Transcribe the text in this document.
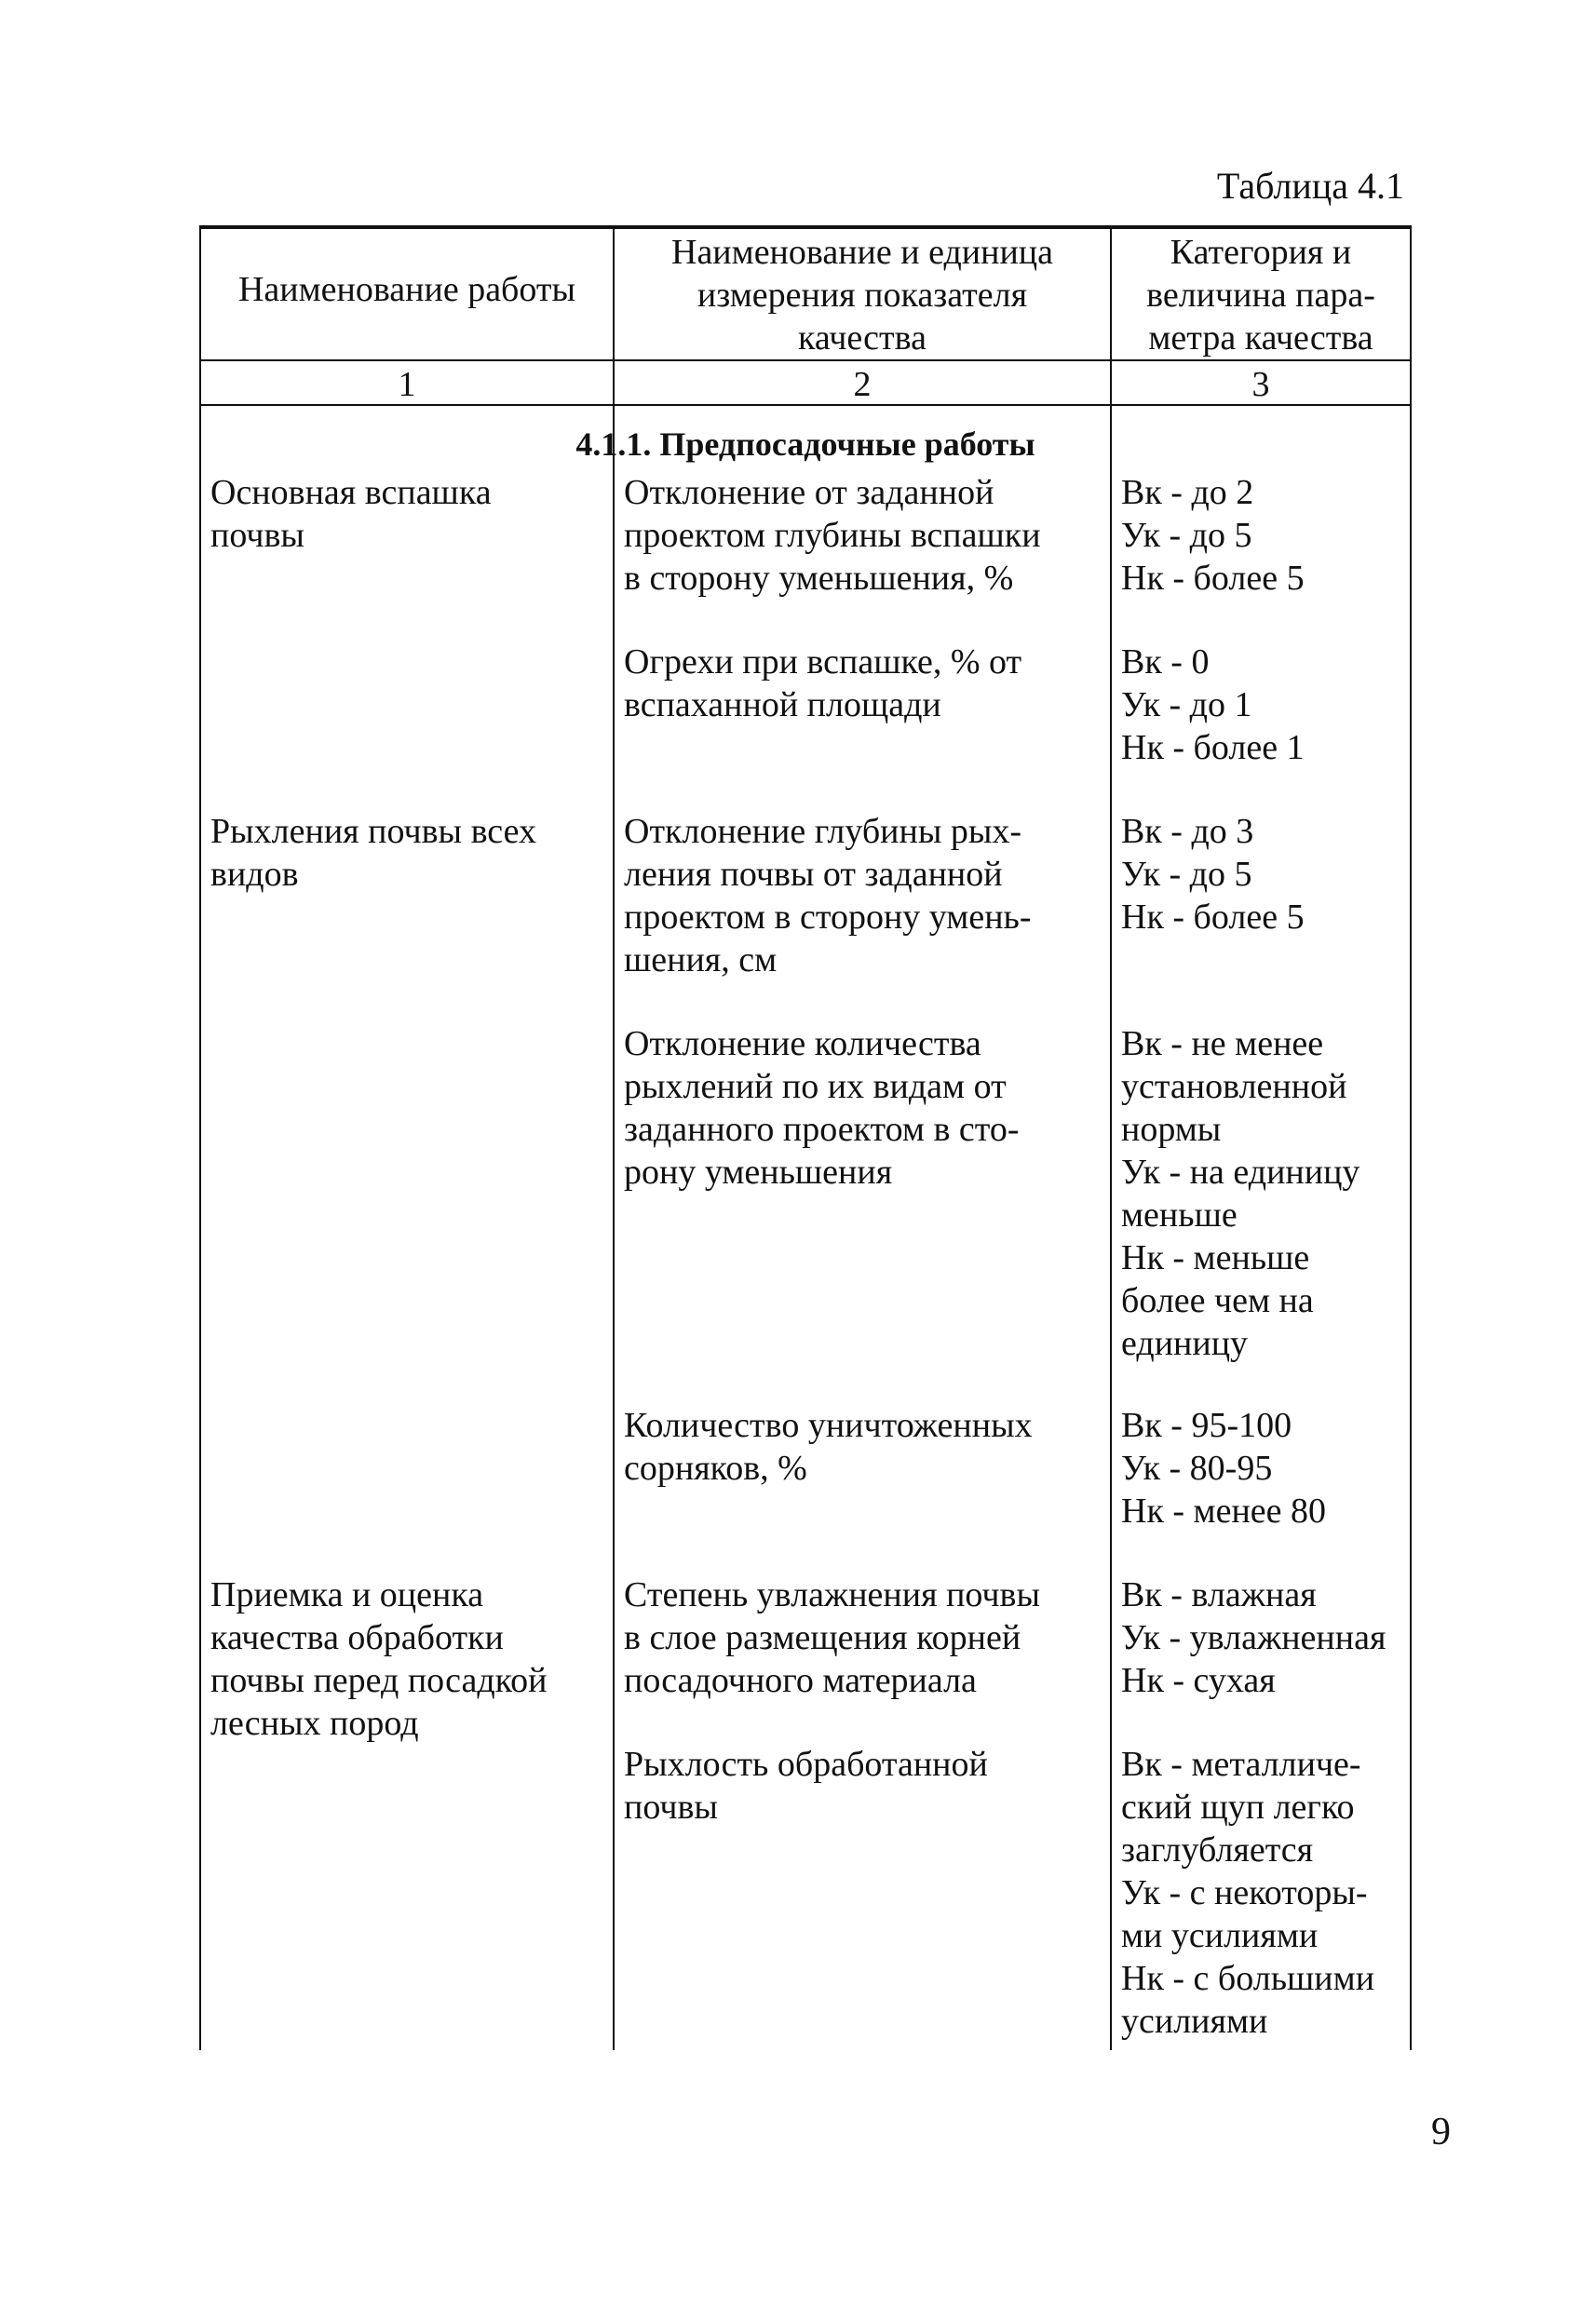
Таблица 4.1
Наименование работы
Наименование и единица
измерения показателя
качества
Категория и
величина пара-
метра качества
1	2	3
4.1.1. Предпосадочные работы
Основная вспашка
почвы
Отклонение от заданной
проектом глубины вспашки
в сторону уменьшения, %
Вк - до 2
Ук - до 5
Нк - более 5
Огрехи при вспашке, % от
вспаханной площади
Вк - 0
Ук - до 1
Нк - более 1
Рыхления почвы всех
видов
Отклонение глубины рых-
ления почвы от заданной
проектом в сторону умень-
шения, см
Вк - до 3
Ук - до 5
Нк - более 5
Отклонение количества
рыхлений по их видам от
заданного проектом в сто-
рону уменьшения
Вк - не менее
установленной
нормы
Ук - на единицу
меньше
Нк - меньше
более чем на
единицу
Количество уничтоженных
сорняков, %
Вк - 95-100
Ук - 80-95
Нк - менее 80
Приемка и оценка
качества обработки
почвы перед посадкой
лесных пород
Степень увлажнения почвы
в слое размещения корней
посадочного материала
Вк - влажная
Ук - увлажненная
Нк - сухая
Рыхлость обработанной
почвы
Вк - металличе-
ский щуп легко
заглубляется
Ук - с некоторы-
ми усилиями
Нк - с большими
усилиями
9
